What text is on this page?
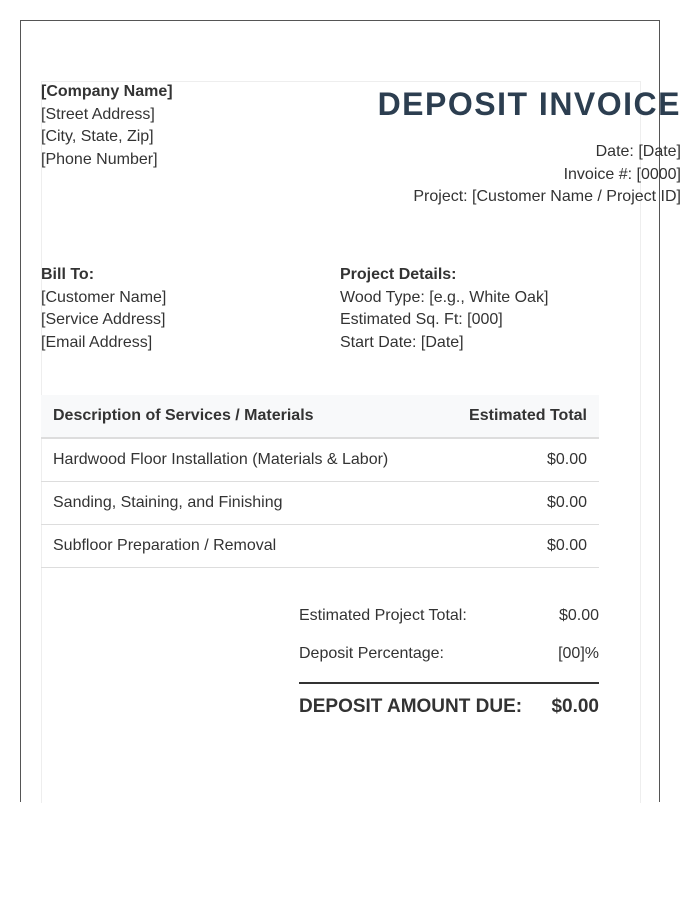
[Company Name]
[Street Address]
[City, State, Zip]
[Phone Number]
DEPOSIT INVOICE
Date: [Date]
Invoice #: [0000]
Project: [Customer Name / Project ID]
Bill To:
[Customer Name]
[Service Address]
[Email Address]
Project Details:
Wood Type: [e.g., White Oak]
Estimated Sq. Ft: [000]
Start Date: [Date]
Description of Services / Materials	Estimated Total
Hardwood Floor Installation (Materials & Labor)	$0.00
Sanding, Staining, and Finishing	$0.00
Subfloor Preparation / Removal	$0.00
Estimated Project Total:	$0.00
Deposit Percentage:	[00]%
DEPOSIT AMOUNT DUE: $0.00
